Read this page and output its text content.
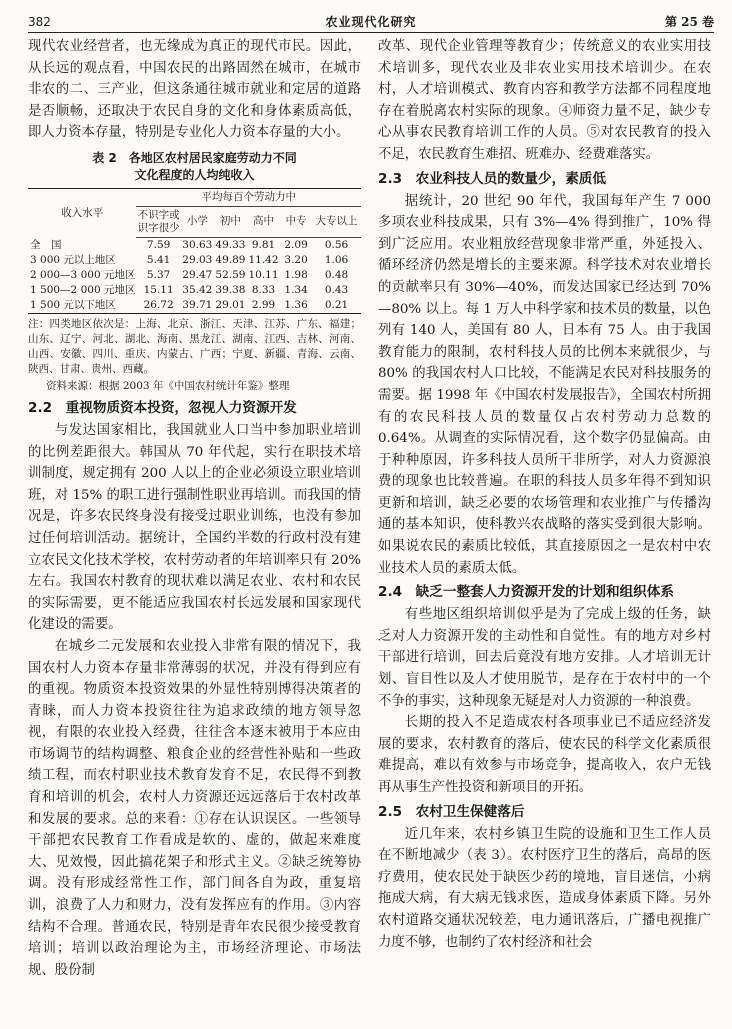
382	农业现代化研究	第 25 卷

现代农业经营者，也无缘成为真正的现代市民。因此，从长远的观点看，中国农民的出路固然在城市，在城市非农的二、三产业，但这条通往城市就业和定居的道路是否顺畅，还取决于农民自身的文化和身体素质高低，即人力资本存量，特别是专业化人力资本存量的大小。

表 2　各地区农村居民家庭劳动力不同
文化程度的人均纯收入
收入水平	平均每百个劳动力中					
	不识字或识字很少	小学	初中	高中	中专	大专以上
全　国	7.59	30.63	49.33	9.81	2.09	0.56
3 000 元以上地区	5.41	29.03	49.89	11.42	3.20	1.06
2 000—3 000 元地区	5.37	29.47	52.59	10.11	1.98	0.48
1 500—2 000 元地区	15.11	35.42	39.38	8.33	1.34	0.43
1 500 元以下地区	26.72	39.71	29.01	2.99	1.36	0.21
注：四类地区依次是：上海、北京、浙江、天津、江苏、广东、福建；山东、辽宁、河北、湖北、海南、黑龙江、湖南、江西、吉林、河南、山西、安徽、四川、重庆、内蒙古、广西；宁夏、新疆、青海、云南、陕西、甘肃、贵州、西藏。
资料来源：根据 2003 年《中国农村统计年鉴》整理
2.2　重视物质资本投资，忽视人力资源开发

与发达国家相比，我国就业人口当中参加职业培训的比例差距很大。韩国从 70 年代起，实行在职技术培训制度，规定拥有 200 人以上的企业必须设立职业培训班，对 15% 的职工进行强制性职业再培训。而我国的情况是，许多农民终身没有接受过职业训练，也没有参加过任何培训活动。据统计，全国约半数的行政村没有建立农民文化技术学校，农村劳动者的年培训率只有 20% 左右。我国农村教育的现状难以满足农业、农村和农民的实际需要，更不能适应我国农村长远发展和国家现代化建设的需要。

在城乡二元发展和农业投入非常有限的情况下，我国农村人力资本存量非常薄弱的状况，并没有得到应有的重视。物质资本投资效果的外显性特别博得决策者的青睐，而人力资本投资往往为追求政绩的地方领导忽视，有限的农业投入经费，往往含本逐末被用于本应由市场调节的结构调整、粮食企业的经营性补贴和一些政绩工程，而农村职业技术教育发育不足，农民得不到教育和培训的机会，农村人力资源还远远落后于农村改革和发展的要求。总的来看：①存在认识误区。一些领导干部把农民教育工作看成是软的、虚的，做起来难度大、见效慢，因此搞花架子和形式主义。②缺乏统筹协调。没有形成经常性工作，部门间各自为政，重复培训，浪费了人力和财力，没有发挥应有的作用。③内容结构不合理。普通农民，特别是青年农民很少接受教育培训；培训以政治理论为主，市场经济理论、市场法规、股份制

改革、现代企业管理等教育少；传统意义的农业实用技术培训多，现代农业及非农业实用技术培训少。在农村，人才培训模式、教育内容和教学方法都不同程度地存在着脱离农村实际的现象。④师资力量不足，缺少专心从事农民教育培训工作的人员。⑤对农民教育的投入不足，农民教育生难招、班难办、经费难落实。

2.3　农业科技人员的数量少，素质低

据统计，20 世纪 90 年代，我国每年产生 7 000 多项农业科技成果，只有 3%—4% 得到推广，10% 得到广泛应用。农业粗放经营现象非常严重，外延投入、循环经济仍然是增长的主要来源。科学技术对农业增长的贡献率只有 30%—40%，而发达国家已经达到 70%—80% 以上。每 1 万人中科学家和技术员的数量，以色列有 140 人，美国有 80 人，日本有 75 人。由于我国教育能力的限制，农村科技人员的比例本来就很少，与 80% 的我国农村人口比较，不能满足农民对科技服务的需要。据 1998 年《中国农村发展报告》，全国农村所拥有的农民科技人员的数量仅占农村劳动力总数的 0.64%。从调查的实际情况看，这个数字仍显偏高。由于种种原因，许多科技人员所干非所学，对人力资源浪费的现象也比较普遍。在职的科技人员多年得不到知识更新和培训，缺乏必要的农场管理和农业推广与传播沟通的基本知识，使科教兴农战略的落实受到很大影响。如果说农民的素质比较低，其直接原因之一是农村中农业技术人员的素质太低。

2.4　缺乏一整套人力资源开发的计划和组织体系

有些地区组织培训似乎是为了完成上级的任务，缺乏对人力资源开发的主动性和自觉性。有的地方对乡村干部进行培训，回去后竟没有地方安排。人才培训无计划、盲目性以及人才使用脱节，是存在于农村中的一个不争的事实，这种现象无疑是对人力资源的一种浪费。

长期的投入不足造成农村各项事业已不适应经济发展的要求，农村教育的落后，使农民的科学文化素质很难提高，难以有效参与市场竞争，提高收入，农户无钱再从事生产性投资和新项目的开拓。

2.5　农村卫生保健落后

近几年来，农村乡镇卫生院的设施和卫生工作人员在不断地减少（表 3）。农村医疗卫生的落后，高昂的医疗费用，使农民处于缺医少药的境地，盲目迷信，小病拖成大病，有大病无钱求医，造成身体素质下降。另外农村道路交通状况较差，电力通讯落后，广播电视推广力度不够，也制约了农村经济和社会
